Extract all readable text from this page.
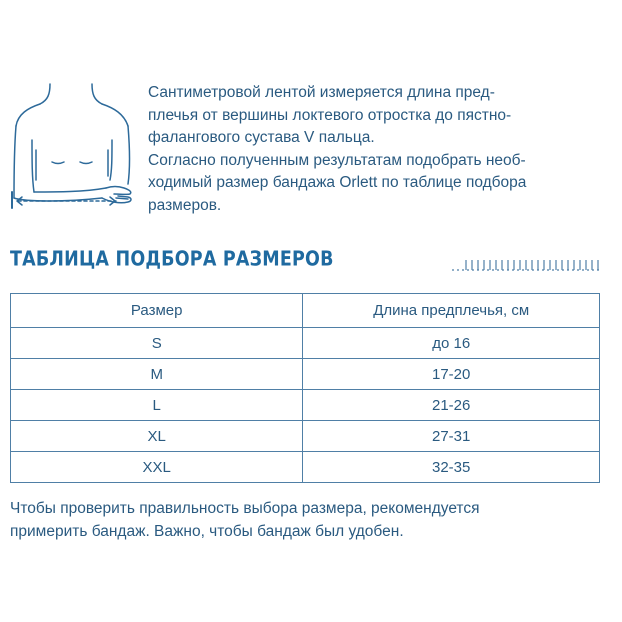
Сантиметровой лентой измеряется длина пред-

плечья от вершины локтевого отростка до пястно-

фалангового сустава V пальца.

Согласно полученным результатам подобрать необ-

ходимый размер бандажа Orlett по таблице подбора

размеров.

ТАБЛИЦА ПОДБОРА РАЗМЕРОВ
Размер	Длина предплечья, см
S	до 16
M	17-20
L	21-26
XL	27-31
XXL	32-35
Чтобы проверить правильность выбора размера, рекомендуется
примерить бандаж. Важно, чтобы бандаж был удобен.
